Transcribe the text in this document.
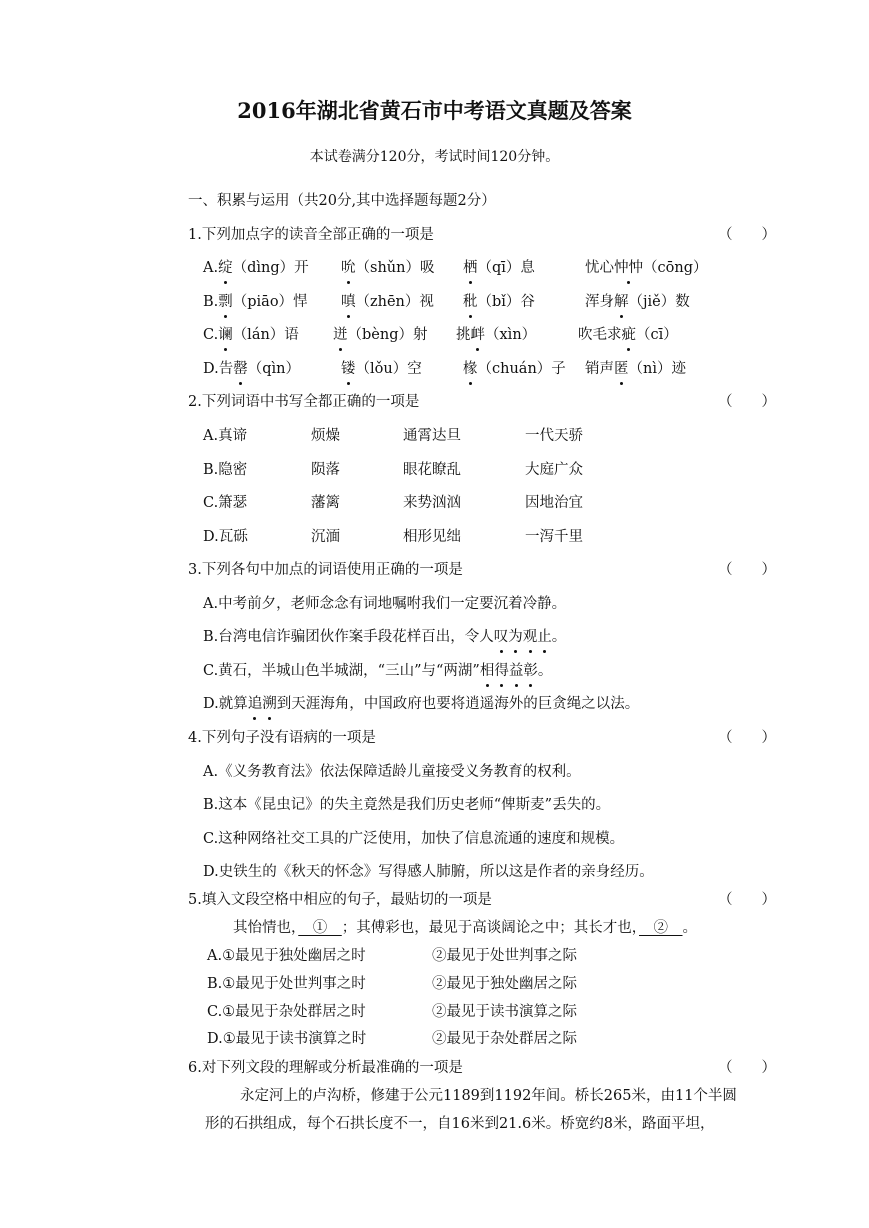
2016年湖北省黄石市中考语文真题及答案
本试卷满分120分，考试时间120分钟。
一、积累与运用（共20分,其中选择题每题2分）
1.下列加点字的读音全部正确的一项是	（　　）
A.绽（dìng）开 吮（shǔn）吸 栖（qī）息	忧心忡忡（cōng）
B.剽（piāo）悍 嗔（zhēn）视 秕（bǐ）谷	浑身解（jiě）数
C.谰（lán）语 迸（bèng）射 挑衅（xìn）	吹毛求疵（cī）
D.告罄（qìn）	镂（lǒu）空	椽（chuán）子 销声匿（nì）迹
2.下列词语中书写全都正确的一项是	（　　）
A.真谛	烦燥	通霄达旦	一代天骄
B.隐密	陨落	眼花瞭乱	大庭广众
C.箫瑟	藩篱	来势汹汹	因地治宜
D.瓦砾	沉湎	相形见绌	一泻千里
3.下列各句中加点的词语使用正确的一项是	（　　）
A.中考前夕，老师念念有词地嘱咐我们一定要沉着冷静。
B.台湾电信诈骗团伙作案手段花样百出，令人叹为观止。
C.黄石，半城山色半城湖，“三山”与“两湖”相得益彰。
D.就算追溯到天涯海角，中国政府也要将逍遥海外的巨贪绳之以法。
4.下列句子没有语病的一项是	（　　）
A.《义务教育法》依法保障适龄儿童接受义务教育的权利。
B.这本《昆虫记》的失主竟然是我们历史老师“俾斯麦”丢失的。
C.这种网络社交工具的广泛使用，加快了信息流通的速度和规模。
D.史铁生的《秋天的怀念》写得感人肺腑，所以这是作者的亲身经历。
5.填入文段空格中相应的句子，最贴切的一项是	（　　）
其怡情也，　①　；其傅彩也，最见于高谈阔论之中；其长才也，　②　。
A.①最见于独处幽居之时	②最见于处世判事之际
B.①最见于处世判事之时	②最见于独处幽居之际
C.①最见于杂处群居之时	②最见于读书演算之际
D.①最见于读书演算之时	②最见于杂处群居之际
6.对下列文段的理解或分析最准确的一项是	（　　）
永定河上的卢沟桥，修建于公元1189到1192年间。桥长265米，由11个半圆
形的石拱组成，每个石拱长度不一，自16米到21.6米。桥宽约8米，路面平坦，
